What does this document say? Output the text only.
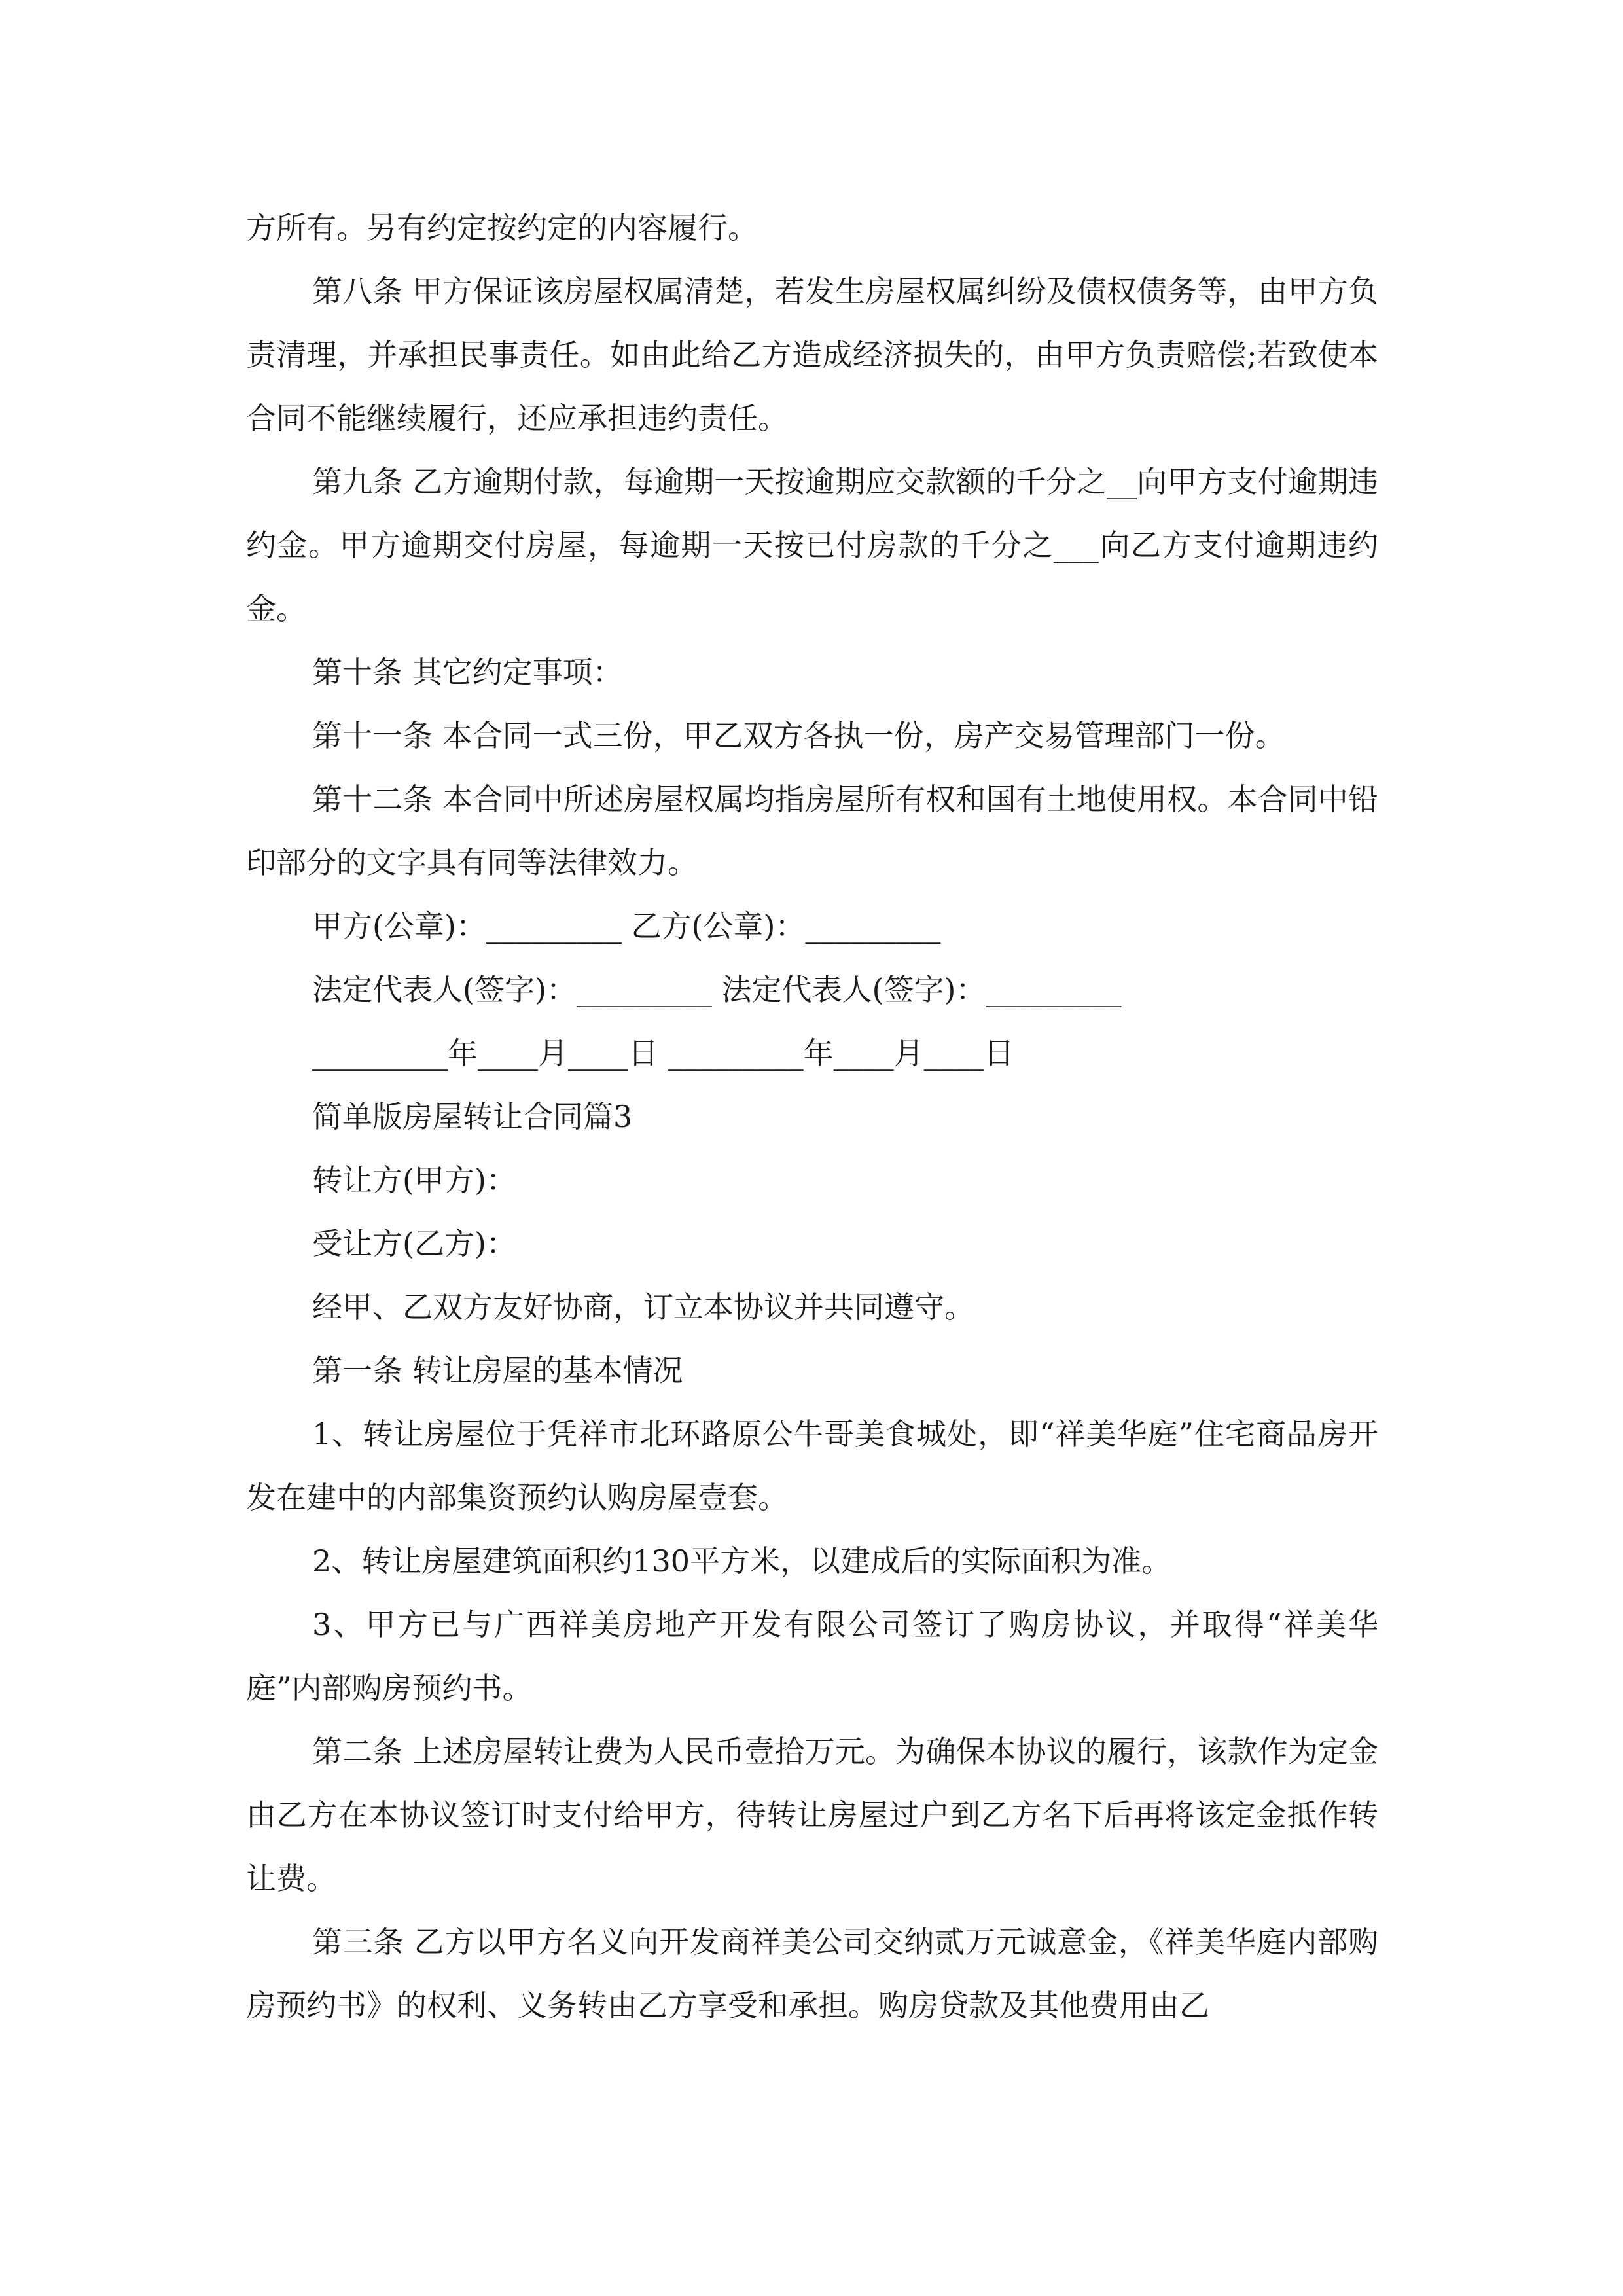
方所有。另有约定按约定的内容履行。

第八条 甲方保证该房屋权属清楚，若发生房屋权属纠纷及债权债务等，由甲方负责清理，并承担民事责任。如由此给乙方造成经济损失的，由甲方负责赔偿;若致使本合同不能继续履行，还应承担违约责任。

第九条 乙方逾期付款，每逾期一天按逾期应交款额的千分之__向甲方支付逾期违约金。甲方逾期交付房屋，每逾期一天按已付房款的千分之___向乙方支付逾期违约金。

第十条 其它约定事项：

第十一条 本合同一式三份，甲乙双方各执一份，房产交易管理部门一份。

第十二条 本合同中所述房屋权属均指房屋所有权和国有土地使用权。本合同中铅印部分的文字具有同等法律效力。

甲方(公章)：_________ 乙方(公章)：_________

法定代表人(签字)：_________ 法定代表人(签字)：_________

_________年____月____日 _________年____月____日

简单版房屋转让合同篇3

转让方(甲方)：

受让方(乙方)：

经甲、乙双方友好协商，订立本协议并共同遵守。

第一条 转让房屋的基本情况

1、转让房屋位于凭祥市北环路原公牛哥美食城处，即“祥美华庭”住宅商品房开发在建中的内部集资预约认购房屋壹套。

2、转让房屋建筑面积约130平方米，以建成后的实际面积为准。

3、甲方已与广西祥美房地产开发有限公司签订了购房协议，并取得“祥美华庭”内部购房预约书。

第二条 上述房屋转让费为人民币壹拾万元。为确保本协议的履行，该款作为定金由乙方在本协议签订时支付给甲方，待转让房屋过户到乙方名下后再将该定金抵作转让费。

第三条 乙方以甲方名义向开发商祥美公司交纳贰万元诚意金，《祥美华庭内部购房预约书》的权利、义务转由乙方享受和承担。购房贷款及其他费用由乙
